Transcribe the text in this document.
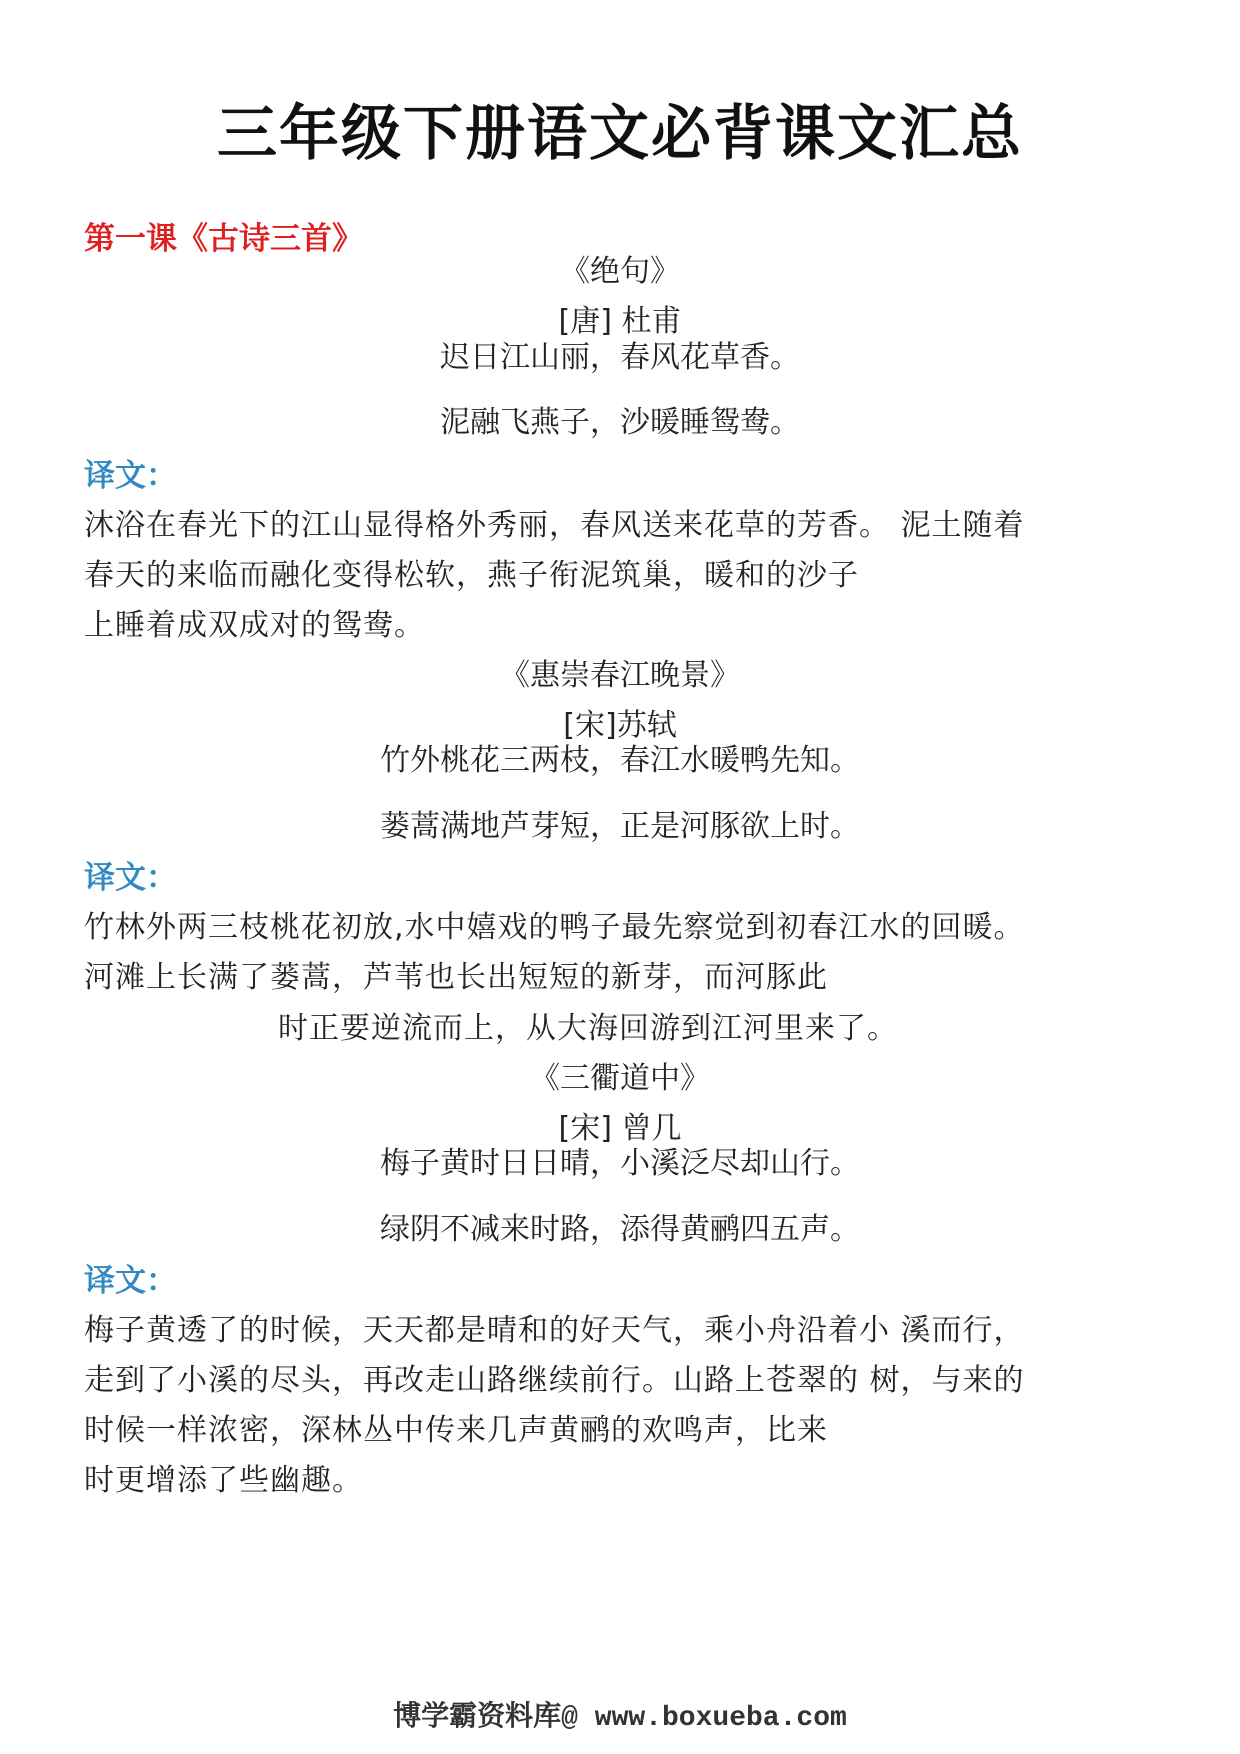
三年级下册语文必背课文汇总
第一课《古诗三首》
《绝句》
[唐] 杜甫
迟日江山丽，春风花草香。
泥融飞燕子，沙暖睡鸳鸯。
译文：
沐浴在春光下的江山显得格外秀丽，春风送来花草的芳香。 泥土随着
春天的来临而融化变得松软，燕子衔泥筑巢，暖和的沙子
上睡着成双成对的鸳鸯。
《惠崇春江晚景》
[宋]苏轼
竹外桃花三两枝，春江水暖鸭先知。
蒌蒿满地芦芽短，正是河豚欲上时。
译文：
竹林外两三枝桃花初放,水中嬉戏的鸭子最先察觉到初春江水的回暖。
河滩上长满了蒌蒿，芦苇也长出短短的新芽，而河豚此
时正要逆流而上，从大海回游到江河里来了。
《三衢道中》
[宋] 曾几
梅子黄时日日晴，小溪泛尽却山行。
绿阴不减来时路，添得黄鹂四五声。
译文：
梅子黄透了的时候，天天都是晴和的好天气，乘小舟沿着小 溪而行，
走到了小溪的尽头，再改走山路继续前行。山路上苍翠的 树，与来的
时候一样浓密，深林丛中传来几声黄鹂的欢鸣声，比来
时更增添了些幽趣。
博学霸资料库@ www.boxueba.com
